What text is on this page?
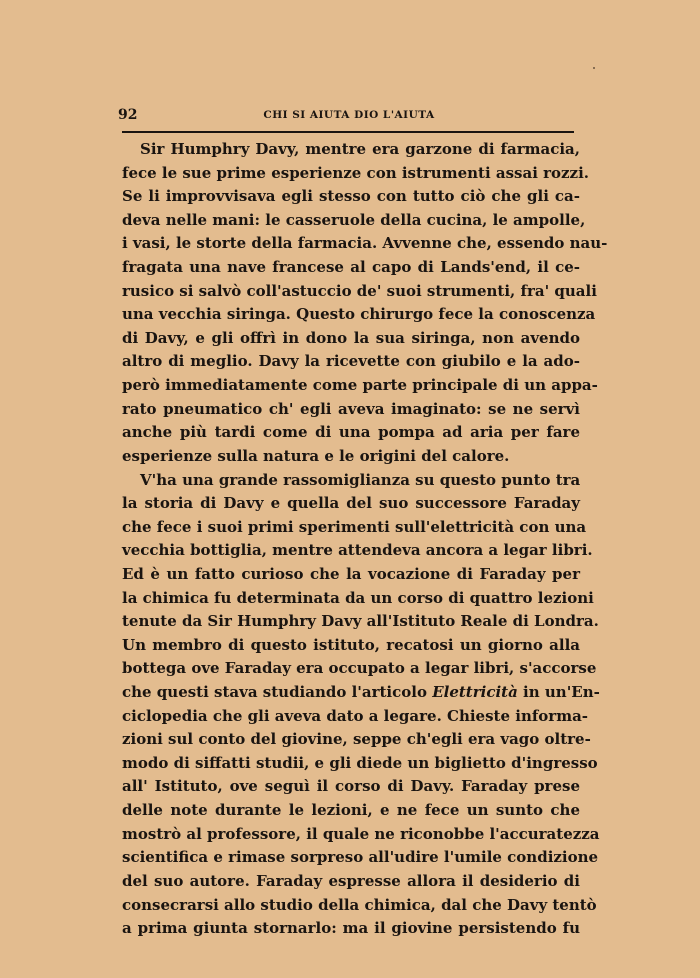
92	CHI SI AIUTA DIO L'AIUTA
Sir Humphry Davy, mentre era garzone di farmacia,
fece le sue prime esperienze con istrumenti assai rozzi.
Se li improvvisava egli stesso con tutto ciò che gli ca-
deva nelle mani: le casseruole della cucina, le ampolle,
i vasi, le storte della farmacia. Avvenne che, essendo nau-
fragata una nave francese al capo di Lands'end, il ce-
rusico si salvò coll'astuccio de' suoi strumenti, fra' quali
una vecchia siringa. Questo chirurgo fece la conoscenza
di Davy, e gli offrì in dono la sua siringa, non avendo
altro di meglio. Davy la ricevette con giubilo e la ado-
però immediatamente come parte principale di un appa-
rato pneumatico ch' egli aveva imaginato: se ne servì
anche più tardi come di una pompa ad aria per fare
esperienze sulla natura e le origini del calore.
V'ha una grande rassomiglianza su questo punto tra
la storia di Davy e quella del suo successore Faraday
che fece i suoi primi sperimenti sull'elettricità con una
vecchia bottiglia, mentre attendeva ancora a legar libri.
Ed è un fatto curioso che la vocazione di Faraday per
la chimica fu determinata da un corso di quattro lezioni
tenute da Sir Humphry Davy all'Istituto Reale di Londra.
Un membro di questo istituto, recatosi un giorno alla
bottega ove Faraday era occupato a legar libri, s'accorse
che questi stava studiando l'articolo Elettricità in un'En-
ciclopedia che gli aveva dato a legare. Chieste informa-
zioni sul conto del giovine, seppe ch'egli era vago oltre-
modo di siffatti studii, e gli diede un biglietto d'ingresso
all' Istituto, ove seguì il corso di Davy. Faraday prese
delle note durante le lezioni, e ne fece un sunto che
mostrò al professore, il quale ne riconobbe l'accuratezza
scientifica e rimase sorpreso all'udire l'umile condizione
del suo autore. Faraday espresse allora il desiderio di
consecrarsi allo studio della chimica, dal che Davy tentò
a prima giunta stornarlo: ma il giovine persistendo fu
